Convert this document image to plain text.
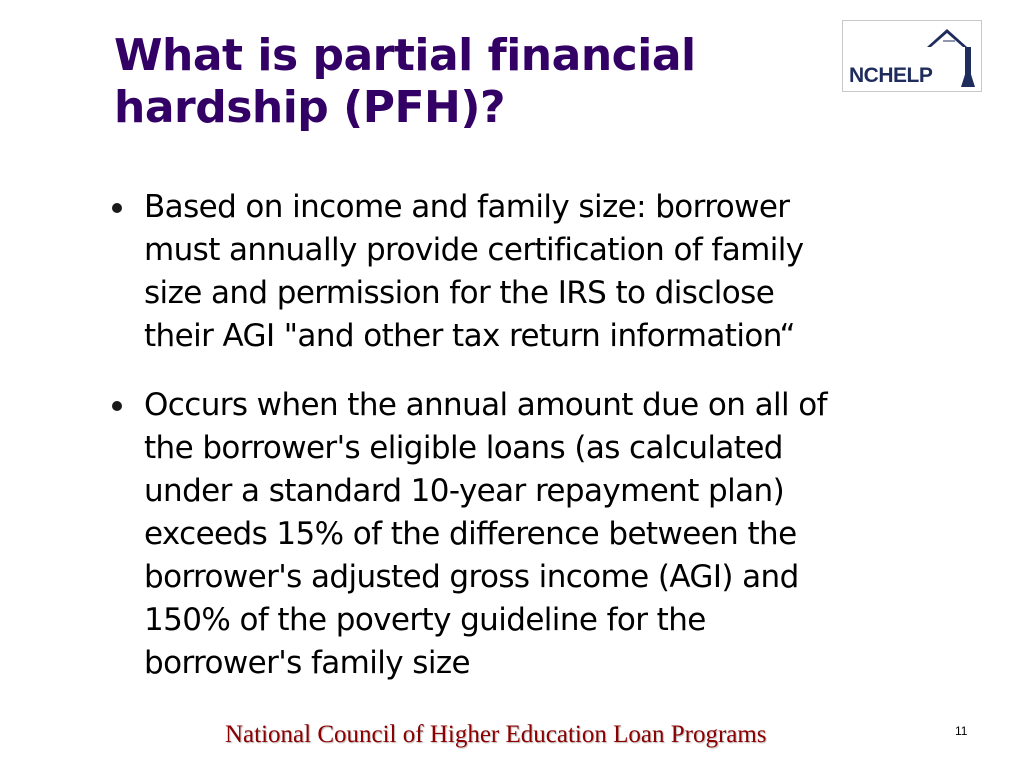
What is partial financial
hardship (PFH)?
NCHELP
Based on income and family size: borrower
must annually provide certification of family
size and permission for the IRS to disclose
their AGI "and other tax return information“
Occurs when the annual amount due on all of
the borrower's eligible loans (as calculated
under a standard 10-year repayment plan)
exceeds 15% of the difference between the
borrower's adjusted gross income (AGI) and
150% of the poverty guideline for the
borrower's family size
National Council of Higher Education Loan Programs	11
